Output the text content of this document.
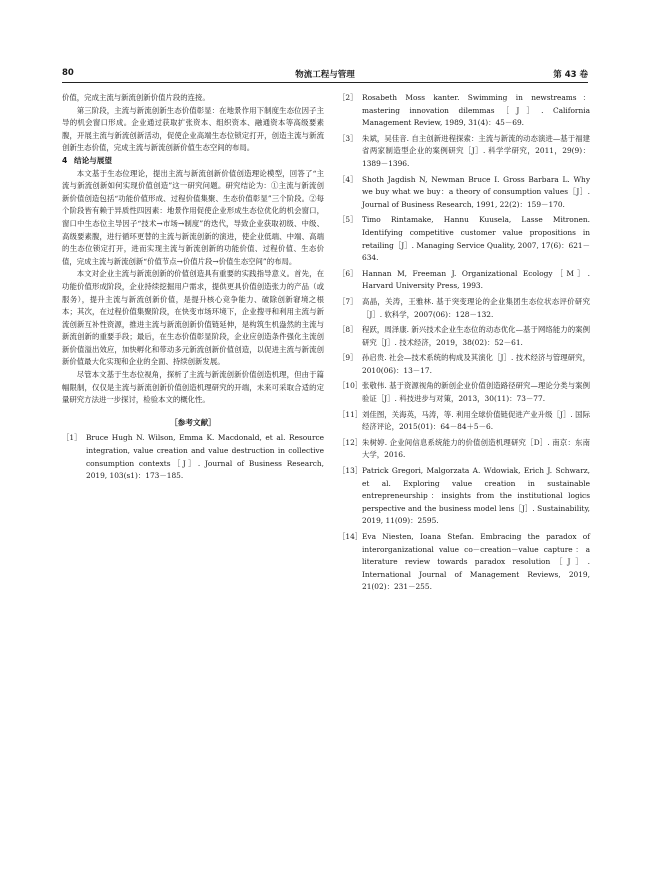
80	物流工程与管理	第 43 卷

价值，完成主流与新流创新价值片段的连接。

第三阶段，主流与新流创新生态价值彰显：在地景作用下制度生态位因子主导的机会窗口形成。企业通过获取扩张资本、组织资本、融通资本等高级要素腹，开展主流与新流创新活动，促使企业高端生态位锁定打开，创造主流与新流创新生态价值，完成主流与新流创新价值生态空间的布局。

4 结论与展望

本文基于生态位理论，提出主流与新流创新价值创造理论模型，回答了“主流与新流创新如何实现价值创造”这一研究问题。研究结论为：①主流与新流创新价值创造包括“功能价值形成、过程价值集聚、生态价值彰显”三个阶段。②每个阶段皆有赖于异质性四因素：地景作用促使企业形成生态位优化的机会窗口，窗口中生态位主导因子“技术→市场→制度”的迭代，导致企业获取初级、中级、高级要素腹，进行循环更替的主流与新流创新的演进，使企业低端、中端、高端的生态位锁定打开，进而实现主流与新流创新的功能价值、过程价值、生态价值，完成主流与新流创新“价值节点→价值片段→价值生态空间”的布局。

本文对企业主流与新流创新的价值创造具有重要的实践指导意义。首先，在功能价值形成阶段，企业持续挖掘用户需求，提供更具价值创造张力的产品（或服务），提升主流与新流创新价值，是提升核心竞争能力、破除创新窘境之根本；其次，在过程价值集聚阶段，在快变市场环境下，企业搜寻和利用主流与新流创新互补性资源，推进主流与新流创新价值链延伸，是构筑生机盎然的主流与新流创新的重要手段；最后，在生态价值彰显阶段，企业应创造条件强化主流创新价值溢出效应，加快孵化和带动多元新流创新价值创造，以促进主流与新流创新价值最大化实现和企业的全面、持续创新发展。

尽管本文基于生态位视角，探析了主流与新流创新价值创造机理，但由于篇幅限制，仅仅是主流与新流创新价值创造机理研究的开端，未来可采取合适的定量研究方法进一步探讨，检验本文的概化性。

［参考文献］

［1］ Bruce Hugh N. Wilson, Emma K. Macdonald, et al. Resource integration, value creation and value destruction in collective consumption contexts［J］. Journal of Business Research, 2019, 103(s1)：173－185.
［2］ Rosabeth Moss kanter. Swimming in newstreams：mastering innovation dilemmas［J］. California Management Review, 1989, 31(4)：45－69.
［3］ 朱斌，吴佳音. 自主创新进程探索：主流与新流的动态演进—基于福建省两家制造型企业的案例研究［J］. 科学学研究，2011，29(9)：1389－1396.
［4］ Shoth Jagdish N, Newman Bruce I. Gross Barbara L. Why we buy what we buy：a theory of consumption values［J］. Journal of Business Research, 1991, 22(2)：159－170.
［5］ Timo Rintamake, Hannu Kuusela, Lasse Mitronen. Identifying competitive customer value propositions in retailing［J］. Managing Service Quality, 2007, 17(6)：621－634.
［6］ Hannan M, Freeman J. Organizational Ecology［M］. Harvard University Press, 1993.
［7］ 高晶，关涛，王雅林. 基于突变理论的企业集团生态位状态评价研究［J］. 软科学，2007(06)：128－132.
［8］ 程跃，周泽康. 新兴技术企业生态位的动态优化—基于网络能力的案例研究［J］. 技术经济，2019，38(02)：52－61.
［9］ 孙启贵. 社会—技术系统的构成及其演化［J］. 技术经济与管理研究，2010(06)：13－17.
［10］ 张敬伟. 基于资源视角的新创企业价值创造路径研究—理论分类与案例验证［J］. 科技进步与对策，2013，30(11)：73－77.
［11］ 刘佳图，关海英，马涛，等. 利用全球价值链促进产业升级［J］. 国际经济评论，2015(01)：64－84＋5－6.
［12］ 朱树婷. 企业间信息系统能力的价值创造机理研究［D］. 南京：东南大学，2016.
［13］ Patrick Gregori, Malgorzata A. Wdowiak, Erich J. Schwarz, et al. Exploring value creation in sustainable entrepreneurship：insights from the institutional logics perspective and the business model lens［J］. Sustainability, 2019, 11(09)：2595.
［14］ Eva Niesten, Ioana Stefan. Embracing the paradox of interorganizational value co－creation－value capture：a literature review towards paradox resolution［J］. International Journal of Management Reviews, 2019, 21(02)：231－255.
